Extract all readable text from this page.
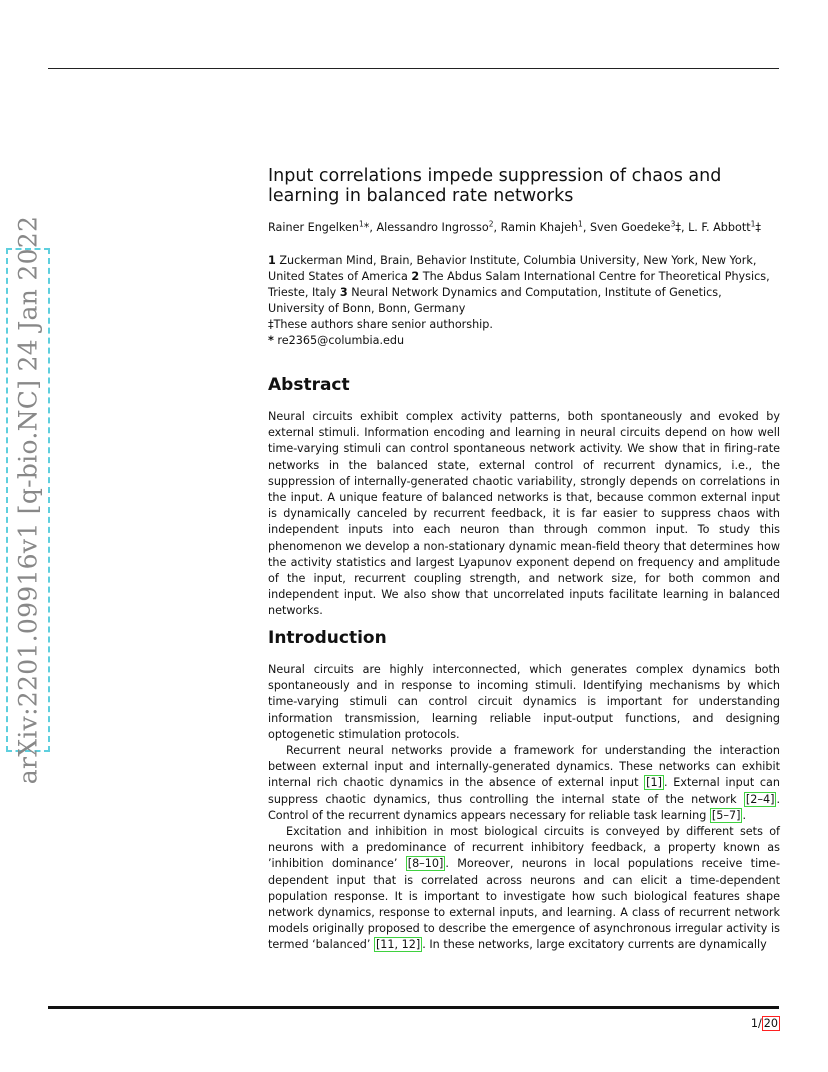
arXiv:2201.09916v1 [q-bio.NC] 24 Jan 2022
Input correlations impede suppression of chaos and learning in balanced rate networks
Rainer Engelken$^1$*, Alessandro Ingrosso$^2$, Ramin Khajeh$^1$, Sven Goedeke$^3$‡, L. F. Abbott$^1$‡

1 Zuckerman Mind, Brain, Behavior Institute, Columbia University, New York, New York, United States of America 2 The Abdus Salam International Centre for Theoretical Physics, Trieste, Italy 3 Neural Network Dynamics and Computation, Institute of Genetics, University of Bonn, Bonn, Germany

‡These authors share senior authorship.

* re2365@columbia.edu

Abstract

Neural circuits exhibit complex activity patterns, both spontaneously and evoked by external stimuli. Information encoding and learning in neural circuits depend on how well time-varying stimuli can control spontaneous network activity. We show that in firing-rate networks in the balanced state, external control of recurrent dynamics, i.e., the suppression of internally-generated chaotic variability, strongly depends on correlations in the input. A unique feature of balanced networks is that, because common external input is dynamically canceled by recurrent feedback, it is far easier to suppress chaos with independent inputs into each neuron than through common input. To study this phenomenon we develop a non-stationary dynamic mean-field theory that determines how the activity statistics and largest Lyapunov exponent depend on frequency and amplitude of the input, recurrent coupling strength, and network size, for both common and independent input. We also show that uncorrelated inputs facilitate learning in balanced networks.

Introduction

Neural circuits are highly interconnected, which generates complex dynamics both spontaneously and in response to incoming stimuli. Identifying mechanisms by which time-varying stimuli can control circuit dynamics is important for understanding information transmission, learning reliable input-output functions, and designing optogenetic stimulation protocols.

Recurrent neural networks provide a framework for understanding the interaction between external input and internally-generated dynamics. These networks can exhibit internal rich chaotic dynamics in the absence of external input [1] . External input can suppress chaotic dynamics, thus controlling the internal state of the network [2–4] . Control of the recurrent dynamics appears necessary for reliable task learning [5–7] .

Excitation and inhibition in most biological circuits is conveyed by different sets of neurons with a predominance of recurrent inhibitory feedback, a property known as ’inhibition dominance’ [8–10] . Moreover, neurons in local populations receive time-dependent input that is correlated across neurons and can elicit a time-dependent population response. It is important to investigate how such biological features shape network dynamics, response to external inputs, and learning. A class of recurrent network models originally proposed to describe the emergence of asynchronous irregular activity is termed ‘balanced’ [11, 12] . In these networks, large excitatory currents are dynamically

1/ 20
